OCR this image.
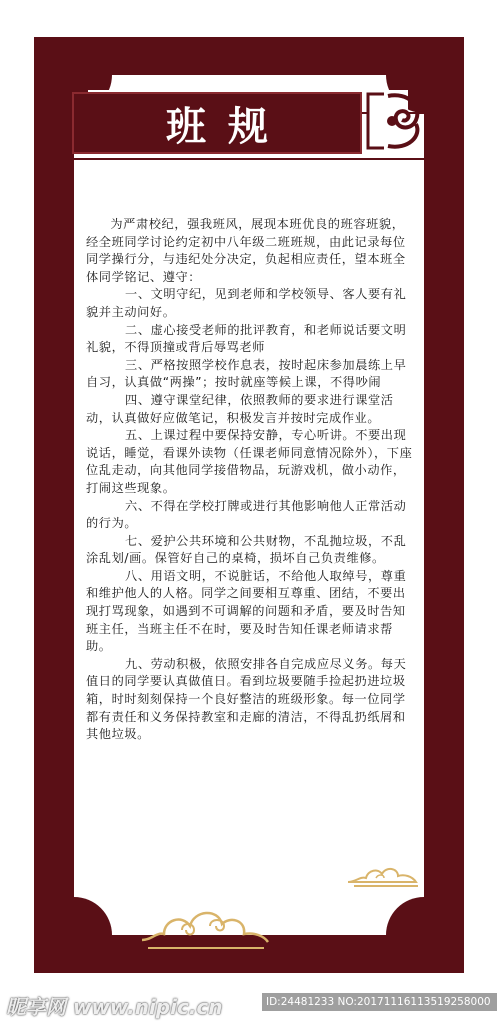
班规

为严肃校纪，强我班风，展现本班优良的班容班貌，经全班同学讨论约定初中八年级二班班规，由此记录每位同学操行分，与违纪处分决定，负起相应责任，望本班全体同学铭记、遵守：

一、文明守纪，见到老师和学校领导、客人要有礼貌并主动问好。

二、虚心接受老师的批评教育，和老师说话要文明礼貌，不得顶撞或背后辱骂老师

三、严格按照学校作息表，按时起床参加晨练上早自习，认真做“两操”；按时就座等候上课，不得吵闹

四、遵守课堂纪律，依照教师的要求进行课堂活动，认真做好应做笔记，积极发言并按时完成作业。

五、上课过程中要保持安静，专心听讲。不要出现说话，睡觉，看课外读物（任课老师同意情况除外），下座位乱走动，向其他同学接借物品，玩游戏机，做小动作，打闹这些现象。

六、不得在学校打牌或进行其他影响他人正常活动的行为。

七、爱护公共环境和公共财物，不乱抛垃圾，不乱涂乱划/画。保管好自己的桌椅，损坏自己负责维修。

八、用语文明，不说脏话，不给他人取绰号，尊重和维护他人的人格。同学之间要相互尊重、团结，不要出现打骂现象，如遇到不可调解的问题和矛盾，要及时告知班主任，当班主任不在时，要及时告知任课老师请求帮助。

九、劳动积极，依照安排各自完成应尽义务。每天值日的同学要认真做值日。看到垃圾要随手捡起扔进垃圾箱，时时刻刻保持一个良好整洁的班级形象。每一位同学都有责任和义务保持教室和走廊的清洁，不得乱扔纸屑和其他垃圾。

昵享网 www.nipic.cn	ID:24481233 NO:20171116113519258000
